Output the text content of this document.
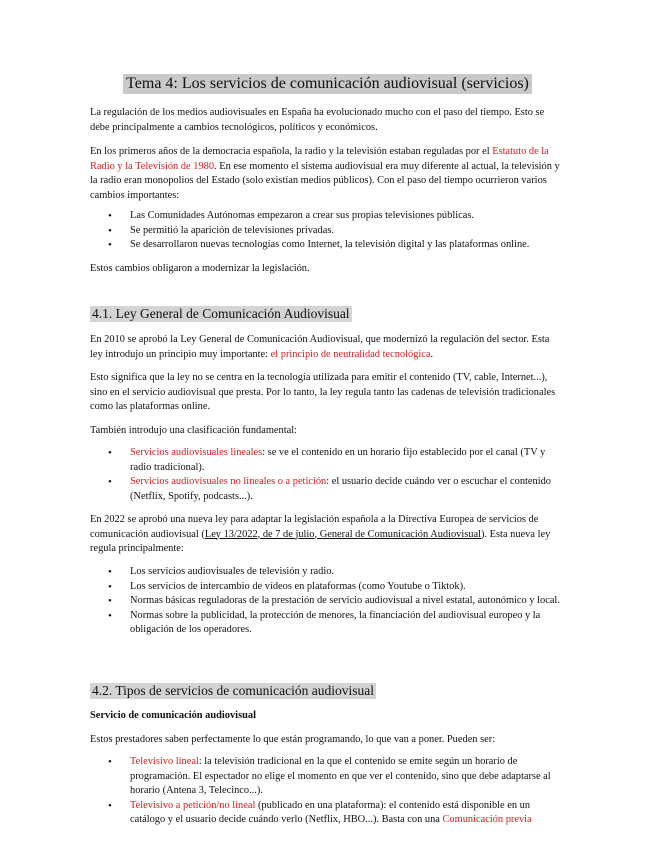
Tema 4: Los servicios de comunicación audiovisual (servicios)
La regulación de los medios audiovisuales en España ha evolucionado mucho con el paso del tiempo. Esto se debe principalmente a cambios tecnológicos, políticos y económicos.
En los primeros años de la democracia española, la radio y la televisión estaban reguladas por el Estatuto de la Radio y la Televisión de 1980. En ese momento el sistema audiovisual era muy diferente al actual, la televisión y la radio eran monopolios del Estado (solo existían medios públicos). Con el paso del tiempo ocurrieron varios cambios importantes:
• Las Comunidades Autónomas empezaron a crear sus propias televisiones públicas.
• Se permitió la aparición de televisiones privadas.
• Se desarrollaron nuevas tecnologías como Internet, la televisión digital y las plataformas online.
Estos cambios obligaron a modernizar la legislación.
4.1. Ley General de Comunicación Audiovisual
En 2010 se aprobó la Ley General de Comunicación Audiovisual, que modernizó la regulación del sector. Esta ley introdujo un principio muy importante: el principio de neutralidad tecnológica.
Esto significa que la ley no se centra en la tecnología utilizada para emitir el contenido (TV, cable, Internet...), sino en el servicio audiovisual que presta. Por lo tanto, la ley regula tanto las cadenas de televisión tradicionales como las plataformas online.
También introdujo una clasificación fundamental:
• Servicios audiovisuales lineales: se ve el contenido en un horario fijo establecido por el canal (TV y radio tradicional).
• Servicios audiovisuales no lineales o a petición: el usuario decide cuándo ver o escuchar el contenido (Netflix, Spotify, podcasts...).
En 2022 se aprobó una nueva ley para adaptar la legislación española a la Directiva Europea de servicios de comunicación audiovisual (Ley 13/2022, de 7 de julio, General de Comunicación Audiovisual). Esta nueva ley regula principalmente:
• Los servicios audiovisuales de televisión y radio.
• Los servicios de intercambio de vídeos en plataformas (como Youtube o Tiktok).
• Normas básicas reguladoras de la prestación de servicio audiovisual a nivel estatal, autonómico y local.
• Normas sobre la publicidad, la protección de menores, la financiación del audiovisual europeo y la obligación de los operadores.
4.2. Tipos de servicios de comunicación audiovisual
Servicio de comunicación audiovisual
Estos prestadores saben perfectamente lo que están programando, lo que van a poner. Pueden ser:
• Televisivo lineal: la televisión tradicional en la que el contenido se emite según un horario de programación. El espectador no elige el momento en que ver el contenido, sino que debe adaptarse al horario (Antena 3, Telecinco...).
• Televisivo a petición/no lineal (publicado en una plataforma): el contenido está disponible en un catálogo y el usuario decide cuándo verlo (Netflix, HBO...). Basta con una Comunicación previa
